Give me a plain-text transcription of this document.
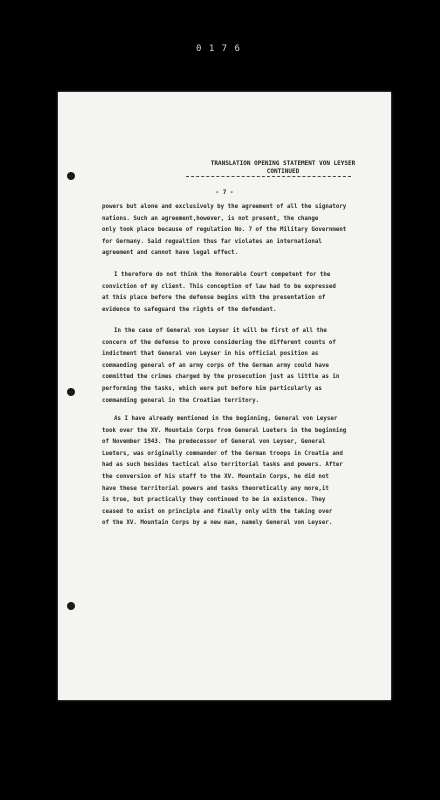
0 1 7 6
TRANSLATION OPENING STATEMENT VON LEYSER
CONTINUED
- 7 -
powers but alone and exclusively by the agreement of all the signatory
nations. Such an agreement,however, is not present, the change
only took place because of regulation No. 7 of the Military Government
for Germany. Said regualtion thus far violates an international
agreement and cannot have legal effect.
I therefore do not think the Honorable Court competent for the
conviction of my client. This conception of law had to be expressed
at this place before the defense begins with the presentation of
evidence to safeguard the rights of the defendant.
In the case of General von Leyser it will be first of all the
concern of the defense to prove considering the different counts of
indictment that General von Leyser in his official position as
commanding general of an army corps of the German army could have
committed the crimes charged by the prosecution just as little as in
performing the tasks, which were put before him particularly as
commanding general in the Croatian territory.
As I have already mentioned in the beginning, General von Leyser
took over the XV. Mountain Corps from General Lueters in the beginning
of November 1943. The predecessor of General von Leyser, General
Lueters, was originally commander of the German troops in Croatia and
had as such besides tactical also territorial tasks and powers. After
the conversion of his staff to the XV. Mountain Corps, he did not
have these territorial powers and tasks theoretically any more,it
is true, but practically they continued to be in existence. They
ceased to exist on principle and finally only with the taking over
of the XV. Mountain Corps by a new man, namely General von Leyser.
